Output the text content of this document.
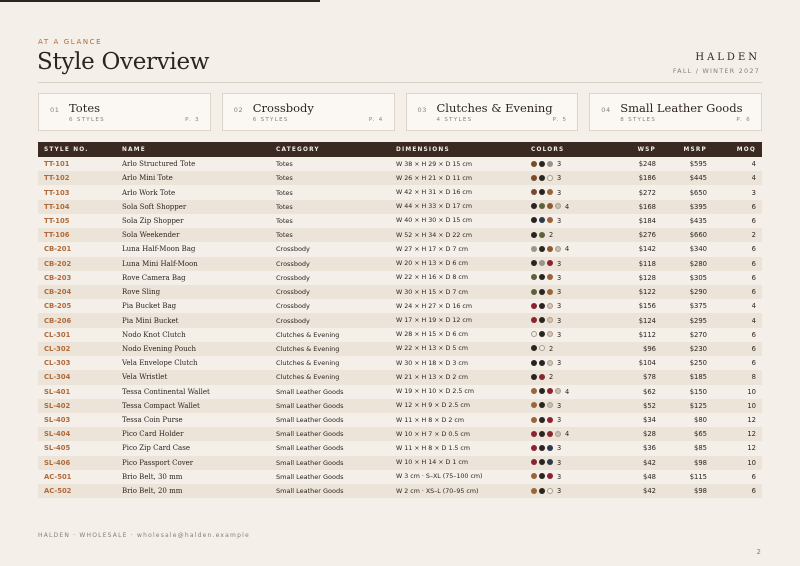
AT A GLANCE
Style Overview	HALDEN
FALL / WINTER 2027
01 Totes
6 STYLES	P. 3
02 Crossbody
6 STYLES	P. 4
03 Clutches & Evening
4 STYLES	P. 5
04 Small Leather Goods
8 STYLES	P. 6
STYLE NO.	NAME	CATEGORY	DIMENSIONS	COLORS	WSP	MSRP	MOQ
TT-101	Arlo Structured Tote	Totes	W 38 × H 29 × D 15 cm	3	$248	$595	4
TT-102	Arlo Mini Tote	Totes	W 26 × H 21 × D 11 cm	3	$186	$445	4
TT-103	Arlo Work Tote	Totes	W 42 × H 31 × D 16 cm	3	$272	$650	3
TT-104	Sola Soft Shopper	Totes	W 44 × H 33 × D 17 cm	4	$168	$395	6
TT-105	Sola Zip Shopper	Totes	W 40 × H 30 × D 15 cm	3	$184	$435	6
TT-106	Sola Weekender	Totes	W 52 × H 34 × D 22 cm	2	$276	$660	2
CB-201	Luna Half-Moon Bag	Crossbody	W 27 × H 17 × D 7 cm	4	$142	$340	6
CB-202	Luna Mini Half-Moon	Crossbody	W 20 × H 13 × D 6 cm	3	$118	$280	6
CB-203	Rove Camera Bag	Crossbody	W 22 × H 16 × D 8 cm	3	$128	$305	6
CB-204	Rove Sling	Crossbody	W 30 × H 15 × D 7 cm	3	$122	$290	6
CB-205	Pia Bucket Bag	Crossbody	W 24 × H 27 × D 16 cm	3	$156	$375	4
CB-206	Pia Mini Bucket	Crossbody	W 17 × H 19 × D 12 cm	3	$124	$295	4
CL-301	Nodo Knot Clutch	Clutches & Evening	W 28 × H 15 × D 6 cm	3	$112	$270	6
CL-302	Nodo Evening Pouch	Clutches & Evening	W 22 × H 13 × D 5 cm	2	$96	$230	6
CL-303	Vela Envelope Clutch	Clutches & Evening	W 30 × H 18 × D 3 cm	3	$104	$250	6
CL-304	Vela Wristlet	Clutches & Evening	W 21 × H 13 × D 2 cm	2	$78	$185	8
SL-401	Tessa Continental Wallet	Small Leather Goods	W 19 × H 10 × D 2.5 cm	4	$62	$150	10
SL-402	Tessa Compact Wallet	Small Leather Goods	W 12 × H 9 × D 2.5 cm	3	$52	$125	10
SL-403	Tessa Coin Purse	Small Leather Goods	W 11 × H 8 × D 2 cm	3	$34	$80	12
SL-404	Pico Card Holder	Small Leather Goods	W 10 × H 7 × D 0.5 cm	4	$28	$65	12
SL-405	Pico Zip Card Case	Small Leather Goods	W 11 × H 8 × D 1.5 cm	3	$36	$85	12
SL-406	Pico Passport Cover	Small Leather Goods	W 10 × H 14 × D 1 cm	3	$42	$98	10
AC-501	Brio Belt, 30 mm	Small Leather Goods	W 3 cm · S–XL (75–100 cm)	3	$48	$115	6
AC-502	Brio Belt, 20 mm	Small Leather Goods	W 2 cm · XS–L (70–95 cm)	3	$42	$98	6
HALDEN · WHOLESALE · wholesale@halden.example
2
